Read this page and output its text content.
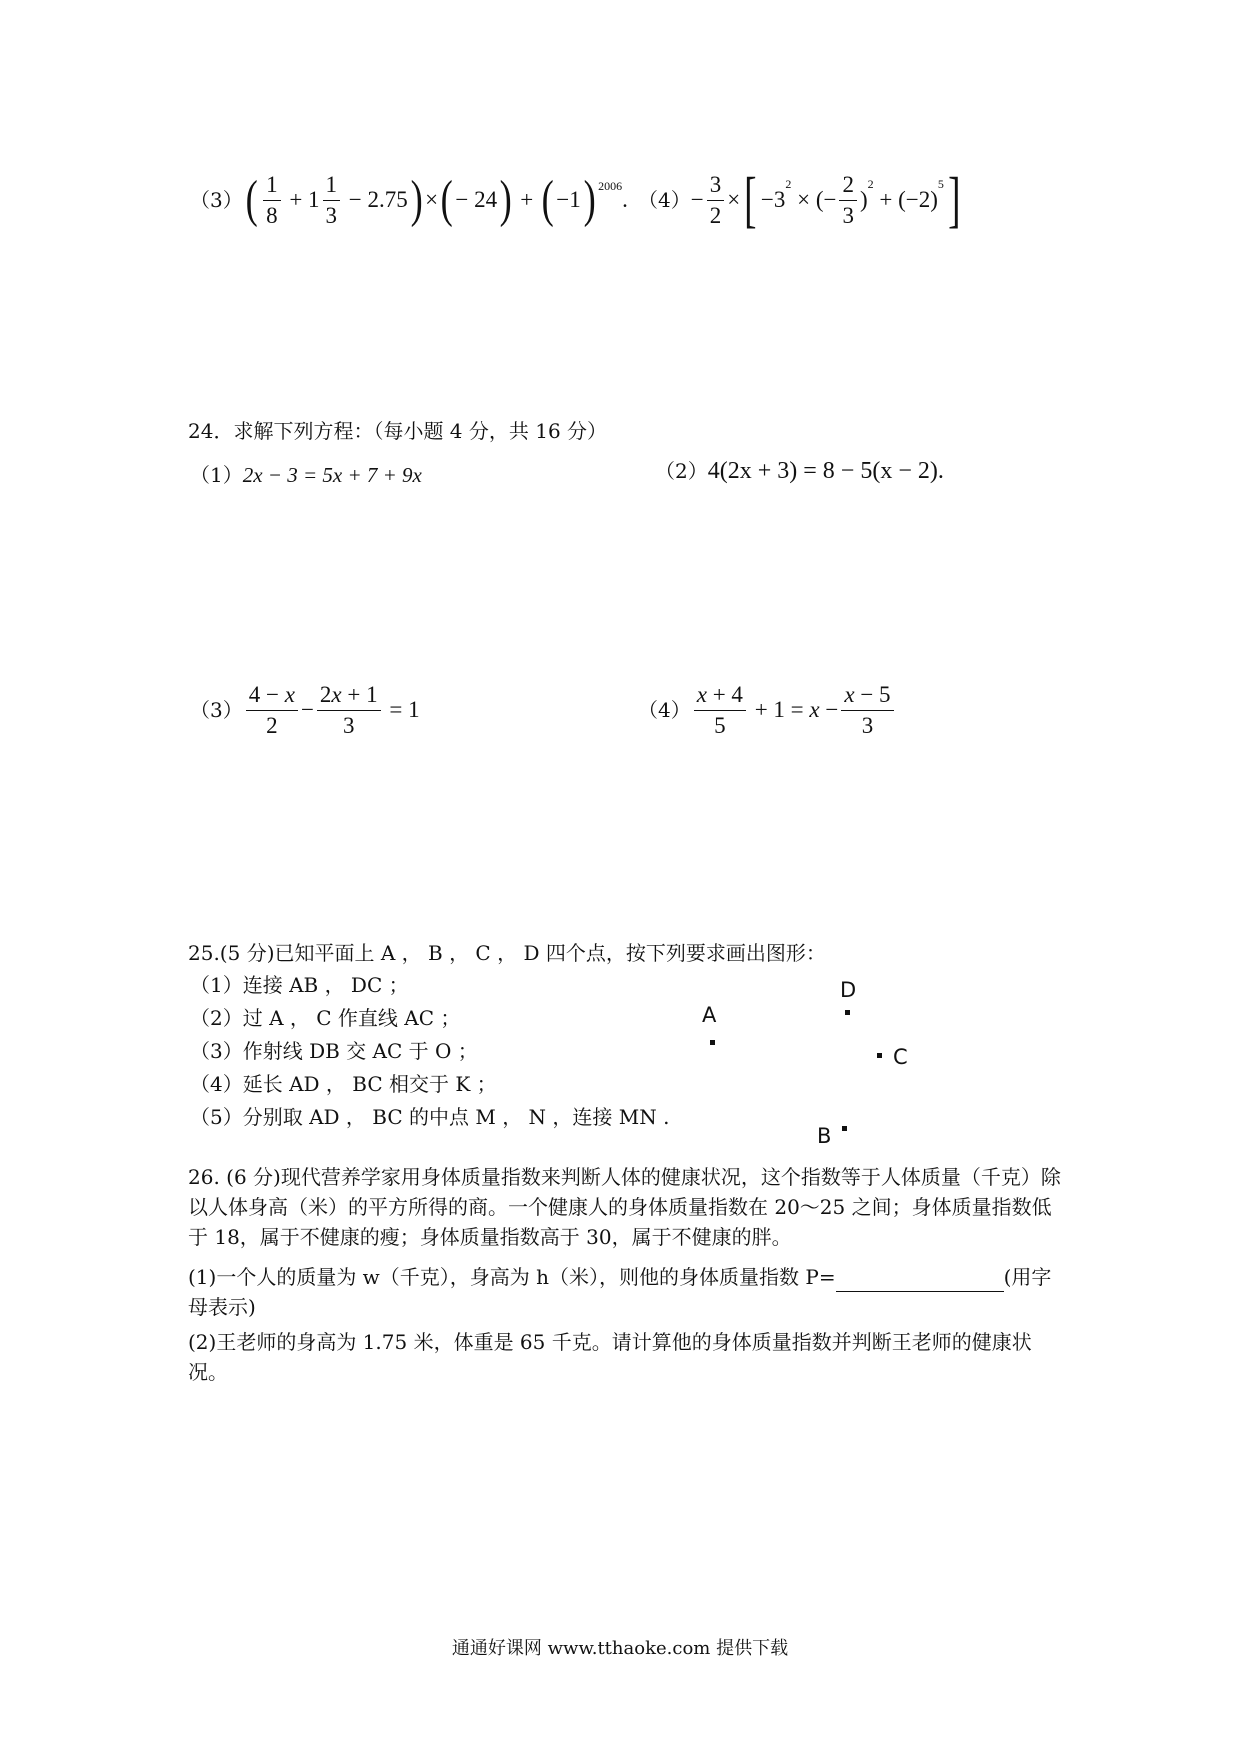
（3） ( $\frac{1}{8} + 1 \frac{1}{3} - 2.75$ ) × ( − 24 ) + ( −1 )$^{2006}$
. $(4) - \frac{3}{2}$ × [ $-3^2$ × (− $\frac{2}{3} )^2 + (-2)^5$ ]
24．求解下列方程：（每小题 4 分，共 16 分）
（1） 2x − 3 = 5x + 7 + 9x	（2） 4(2x + 3) = 8 − 5(x − 2).
$(3) \frac{4 - x}{2} - \frac{2x + 1}{3} = 1$	$(4) \frac{x + 4}{5} + 1 = x - \frac{x - 5}{3}$
25.(5 分)已知平面上 A ， B ， C ， D 四个点，按下列要求画出图形：
（1）连接 AB ， DC ；
（2）过 A ， C 作直线 AC ；
（3）作射线 DB 交 AC 于 O ；
（4）延长 AD ， BC 相交于 K ；
（5）分别取 AD ， BC 的中点 M ， N ，连接 MN .
D
A
C
B
26. (6 分)现代营养学家用身体质量指数来判断人体的健康状况，这个指数等于人体质量（千克）除以人体身高（米）的平方所得的商。一个健康人的身体质量指数在 20～25 之间；身体质量指数低于 18，属于不健康的瘦；身体质量指数高于 30，属于不健康的胖。
(1)一个人的质量为 w（千克），身高为 h（米），则他的身体质量指数 P=	(用字母表示)
(2)王老师的身高为 1.75 米，体重是 65 千克。请计算他的身体质量指数并判断王老师的健康状况。
通通好课网 www.tthaoke.com 提供下载
